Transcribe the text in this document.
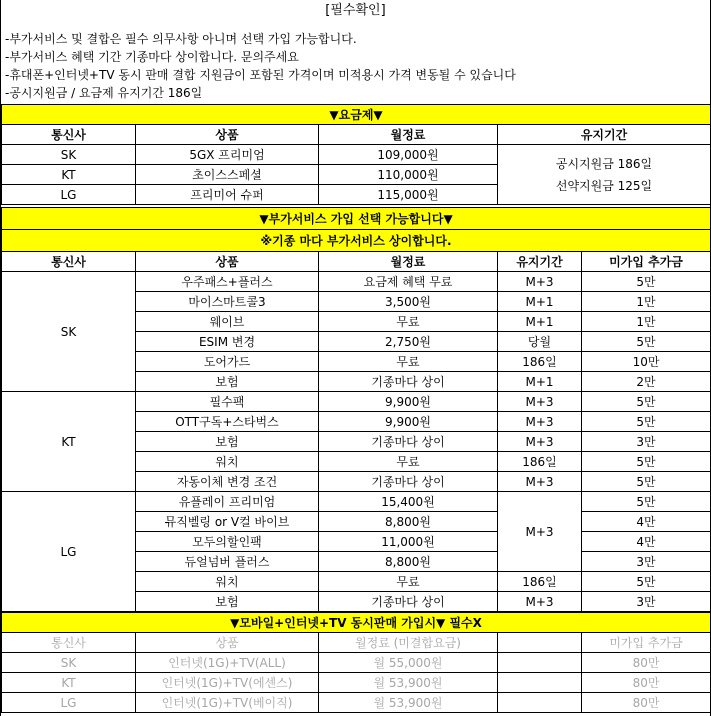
[필수확인]
-부가서비스 및 결합은 필수 의무사항 아니며 선택 가입 가능합니다.
-부가서비스 혜택 기간 기종마다 상이합니다. 문의주세요
-휴대폰+인터넷+TV 동시 판매 결합 지원금이 포함된 가격이며 미적용시 가격 변동될 수 있습니다
-공시지원금 / 요금제 유지기간 186일
▼요금제▼			
통신사	상품	월정료	유지기간
SK	5GX 프리미엄	109,000원	공시지원금 186일
선약지원금 125일

KT	초이스스페셜	110,000원	
LG	프리미어 슈퍼	115,000원	
▼부가서비스 가입 선택 가능합니다▼				
※기종 마다 부가서비스 상이합니다.				
통신사	상품	월정료	유지기간	미가입 추가금
SK	우주패스+플러스	요금제 혜택 무료	M+3	5만
	마이스마트콜3	3,500원	M+1	1만
	웨이브	무료	M+1	1만
	ESIM 변경	2,750원	당월	5만
	도어가드	무료	186일	10만
	보험	기종마다 상이	M+1	2만
KT	필수팩	9,900원	M+3	5만
	OTT구독+스타벅스	9,900원	M+3	5만
	보험	기종마다 상이	M+3	3만
	워치	무료	186일	5만
	자동이체 변경 조건	기종마다 상이	M+3	5만
LG	유플레이 프리미엄	15,400원	M+3	5만
	뮤직벨링 or V컬 바이브	8,800원		4만
	모두의할인팩	11,000원		4만
	듀얼넘버 플러스	8,800원		3만
	워치	무료	186일	5만
	보험	기종마다 상이	M+3	3만
▼모바일+인터넷+TV 동시판매 가입시▼ 필수X				
통신사	상품	월정료 (미결합요금)		미가입 추가금
SK	인터넷(1G)+TV(ALL)	월 55,000원		80만
KT	인터넷(1G)+TV(에센스)	월 53,900원		80만
LG	인터넷(1G)+TV(베이직)	월 53,900원		80만
